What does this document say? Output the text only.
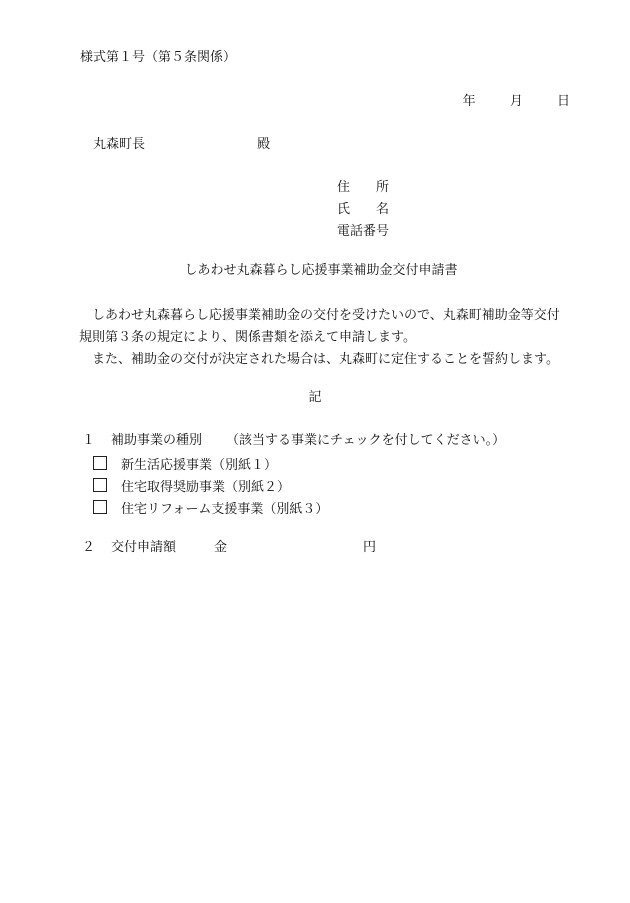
様式第１号（第５条関係）
年	月	日
丸森町長	殿
住　　所
氏　　名
電話番号
しあわせ丸森暮らし応援事業補助金交付申請書

しあわせ丸森暮らし応援事業補助金の交付を受けたいので、丸森町補助金等交付

規則第３条の規定により、関係書類を添えて申請します。

また、補助金の交付が決定された場合は、丸森町に定住することを誓約します。

記
１ 補助事業の種別 （該当する事業にチェックを付してください。）
新生活応援事業（別紙１）
住宅取得奨励事業（別紙２）
住宅リフォーム支援事業（別紙３）
２ 交付申請額	金	円
